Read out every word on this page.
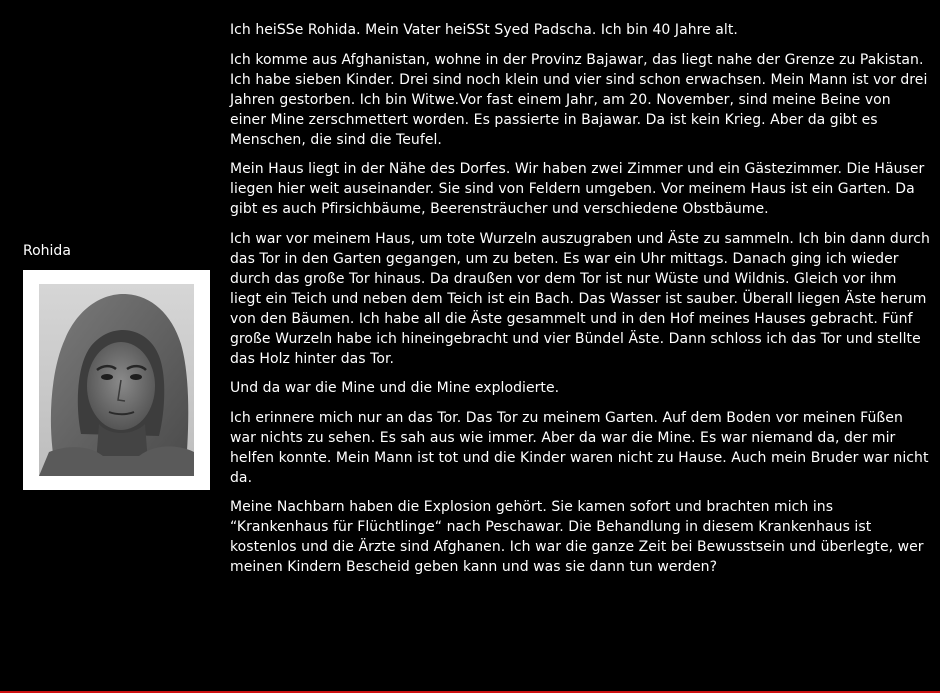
Rohida

Ich heiSSe Rohida. Mein Vater heiSSt Syed Padscha. Ich bin 40 Jahre alt.

Ich komme aus Afghanistan, wohne in der Provinz Bajawar, das liegt nahe der Grenze zu Pakistan. Ich habe sieben Kinder. Drei sind noch klein und vier sind schon erwachsen. Mein Mann ist vor drei Jahren gestorben. Ich bin Witwe.Vor fast einem Jahr, am 20. November, sind meine Beine von einer Mine zerschmettert worden. Es passierte in Bajawar. Da ist kein Krieg. Aber da gibt es Menschen, die sind die Teufel.

Mein Haus liegt in der Nähe des Dorfes. Wir haben zwei Zimmer und ein Gästezimmer. Die Häuser liegen hier weit auseinander. Sie sind von Feldern umgeben. Vor meinem Haus ist ein Garten. Da gibt es auch Pfirsichbäume, Beerensträucher und verschiedene Obstbäume.

Ich war vor meinem Haus, um tote Wurzeln auszugraben und Äste zu sammeln. Ich bin dann durch das Tor in den Garten gegangen, um zu beten. Es war ein Uhr mittags. Danach ging ich wieder durch das große Tor hinaus. Da draußen vor dem Tor ist nur Wüste und Wildnis. Gleich vor ihm liegt ein Teich und neben dem Teich ist ein Bach. Das Wasser ist sauber. Überall liegen Äste herum von den Bäumen. Ich habe all die Äste gesammelt und in den Hof meines Hauses gebracht. Fünf große Wurzeln habe ich hineingebracht und vier Bündel Äste. Dann schloss ich das Tor und stellte das Holz hinter das Tor.

Und da war die Mine und die Mine explodierte.

Ich erinnere mich nur an das Tor. Das Tor zu meinem Garten. Auf dem Boden vor meinen Füßen war nichts zu sehen. Es sah aus wie immer. Aber da war die Mine. Es war niemand da, der mir helfen konnte. Mein Mann ist tot und die Kinder waren nicht zu Hause. Auch mein Bruder war nicht da.

Meine Nachbarn haben die Explosion gehört. Sie kamen sofort und brachten mich ins “Krankenhaus für Flüchtlinge“ nach Peschawar. Die Behandlung in diesem Krankenhaus ist kostenlos und die Ärzte sind Afghanen. Ich war die ganze Zeit bei Bewusstsein und überlegte, wer meinen Kindern Bescheid geben kann und was sie dann tun werden?
